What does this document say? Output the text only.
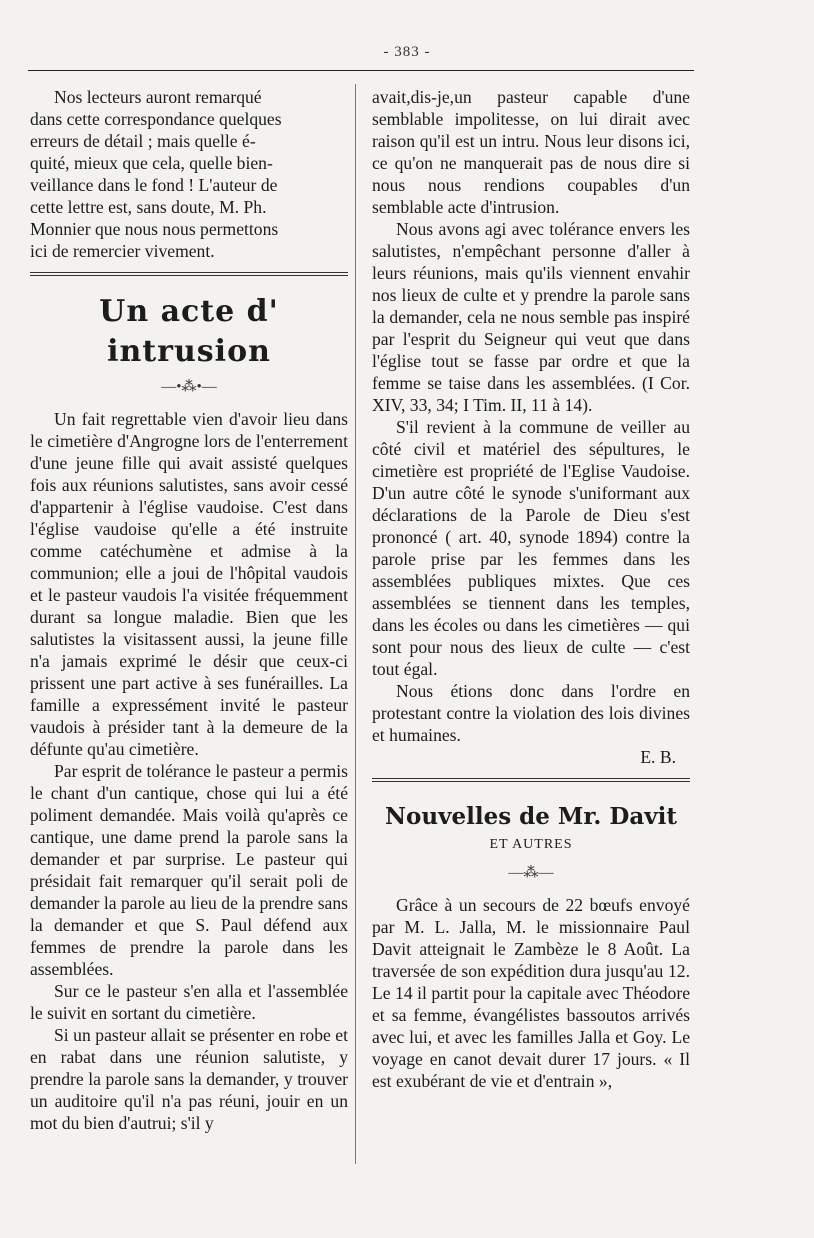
- 383 -

Nos lecteurs auront remarqué

dans cette correspondance quelques

erreurs de détail ; mais quelle é-

quité, mieux que cela, quelle bien-

veillance dans le fond ! L'auteur de

cette lettre est, sans doute, M. Ph.

Monnier que nous nous permettons

ici de remercier vivement.

Un acte d' intrusion
—•⁂•—

Un fait regrettable vien d'avoir lieu dans le cimetière d'Angrogne lors de l'enterrement d'une jeune fille qui avait assisté quelques fois aux réunions salutistes, sans avoir cessé d'appartenir à l'église vaudoise. C'est dans l'église vaudoise qu'elle a été instruite comme catéchumène et admise à la communion; elle a joui de l'hôpital vaudois et le pasteur vaudois l'a visitée fréquemment durant sa longue maladie. Bien que les salutistes la visitassent aussi, la jeune fille n'a jamais exprimé le désir que ceux-ci prissent une part active à ses funérailles. La famille a expressément invité le pasteur vaudois à présider tant à la demeure de la défunte qu'au cimetière.

Par esprit de tolérance le pasteur a permis le chant d'un cantique, chose qui lui a été poliment demandée. Mais voilà qu'après ce cantique, une dame prend la parole sans la demander et par surprise. Le pasteur qui présidait fait remarquer qu'il serait poli de demander la parole au lieu de la prendre sans la demander et que S. Paul défend aux femmes de prendre la parole dans les assemblées.

Sur ce le pasteur s'en alla et l'assemblée le suivit en sortant du cimetière.

Si un pasteur allait se présenter en robe et en rabat dans une réunion salutiste, y prendre la parole sans la demander, y trouver un auditoire qu'il n'a pas réuni, jouir en un mot du bien d'autrui; s'il y

avait,dis-je,un pasteur capable d'une semblable impolitesse, on lui dirait avec raison qu'il est un intru. Nous leur disons ici, ce qu'on ne manquerait pas de nous dire si nous nous rendions coupables d'un semblable acte d'intrusion.

Nous avons agi avec tolérance envers les salutistes, n'empêchant personne d'aller à leurs réunions, mais qu'ils viennent envahir nos lieux de culte et y prendre la parole sans la demander, cela ne nous semble pas inspiré par l'esprit du Seigneur qui veut que dans l'église tout se fasse par ordre et que la femme se taise dans les assemblées. (I Cor. XIV, 33, 34; I Tim. II, 11 à 14).

S'il revient à la commune de veiller au côté civil et matériel des sépultures, le cimetière est propriété de l'Eglise Vaudoise. D'un autre côté le synode s'uniformant aux déclarations de la Parole de Dieu s'est prononcé ( art. 40, synode 1894) contre la parole prise par les femmes dans les assemblées publiques mixtes. Que ces assemblées se tiennent dans les temples, dans les écoles ou dans les cimetières — qui sont pour nous des lieux de culte — c'est tout égal.

Nous étions donc dans l'ordre en protestant contre la violation des lois divines et humaines.

E. B.

Nouvelles de Mr. Davit
ET AUTRES
—⁂—

Grâce à un secours de 22 bœufs envoyé par M. L. Jalla, M. le missionnaire Paul Davit atteignait le Zambèze le 8 Août. La traversée de son expédition dura jusqu'au 12. Le 14 il partit pour la capitale avec Théodore et sa femme, évangélistes bassoutos arrivés avec lui, et avec les familles Jalla et Goy. Le voyage en canot devait durer 17 jours. « Il est exubérant de vie et d'entrain »,
